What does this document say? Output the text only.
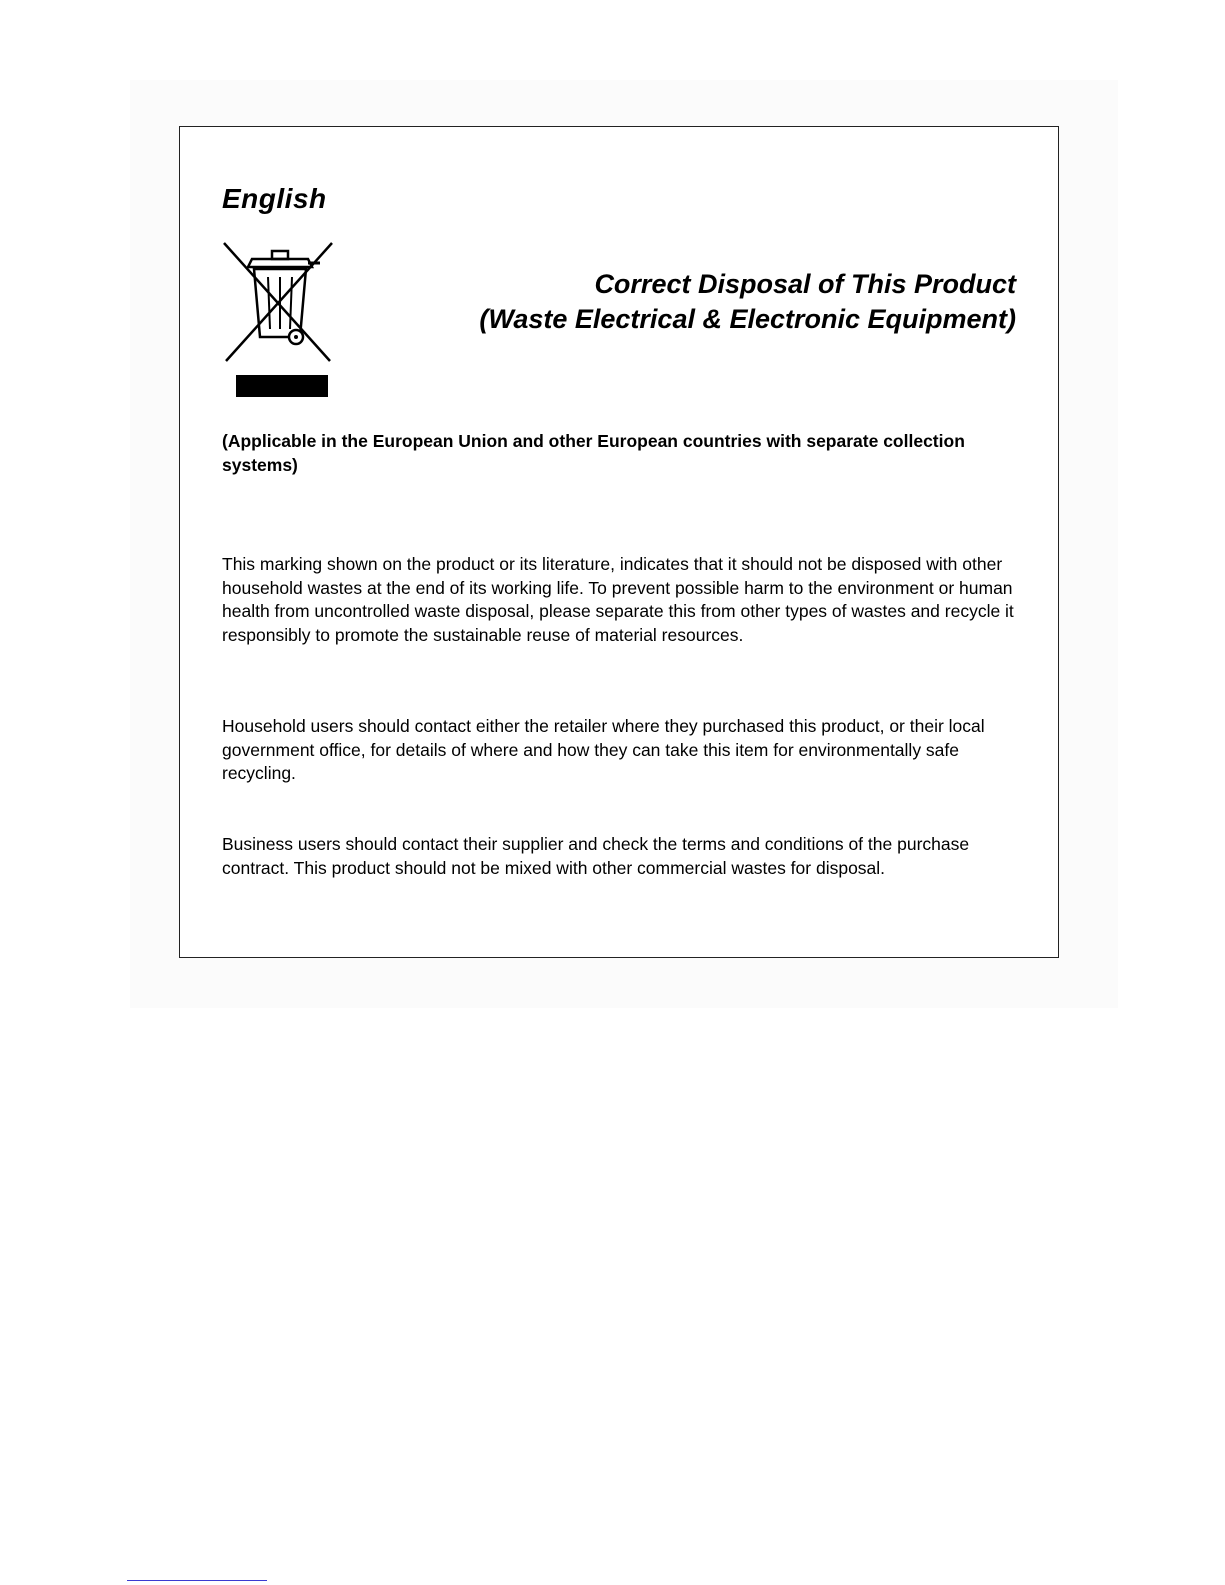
English
Correct Disposal of This Product
(Waste Electrical & Electronic Equipment)

(Applicable in the European Union and other European countries with separate collection systems)

This marking shown on the product or its literature, indicates that it should not be disposed with other household wastes at the end of its working life. To prevent possible harm to the environment or human health from uncontrolled waste disposal, please separate this from other types of wastes and recycle it responsibly to promote the sustainable reuse of material resources.

Household users should contact either the retailer where they purchased this product, or their local government office, for details of where and how they can take this item for environmentally safe recycling.

Business users should contact their supplier and check the terms and conditions of the purchase contract. This product should not be mixed with other commercial wastes for disposal.
